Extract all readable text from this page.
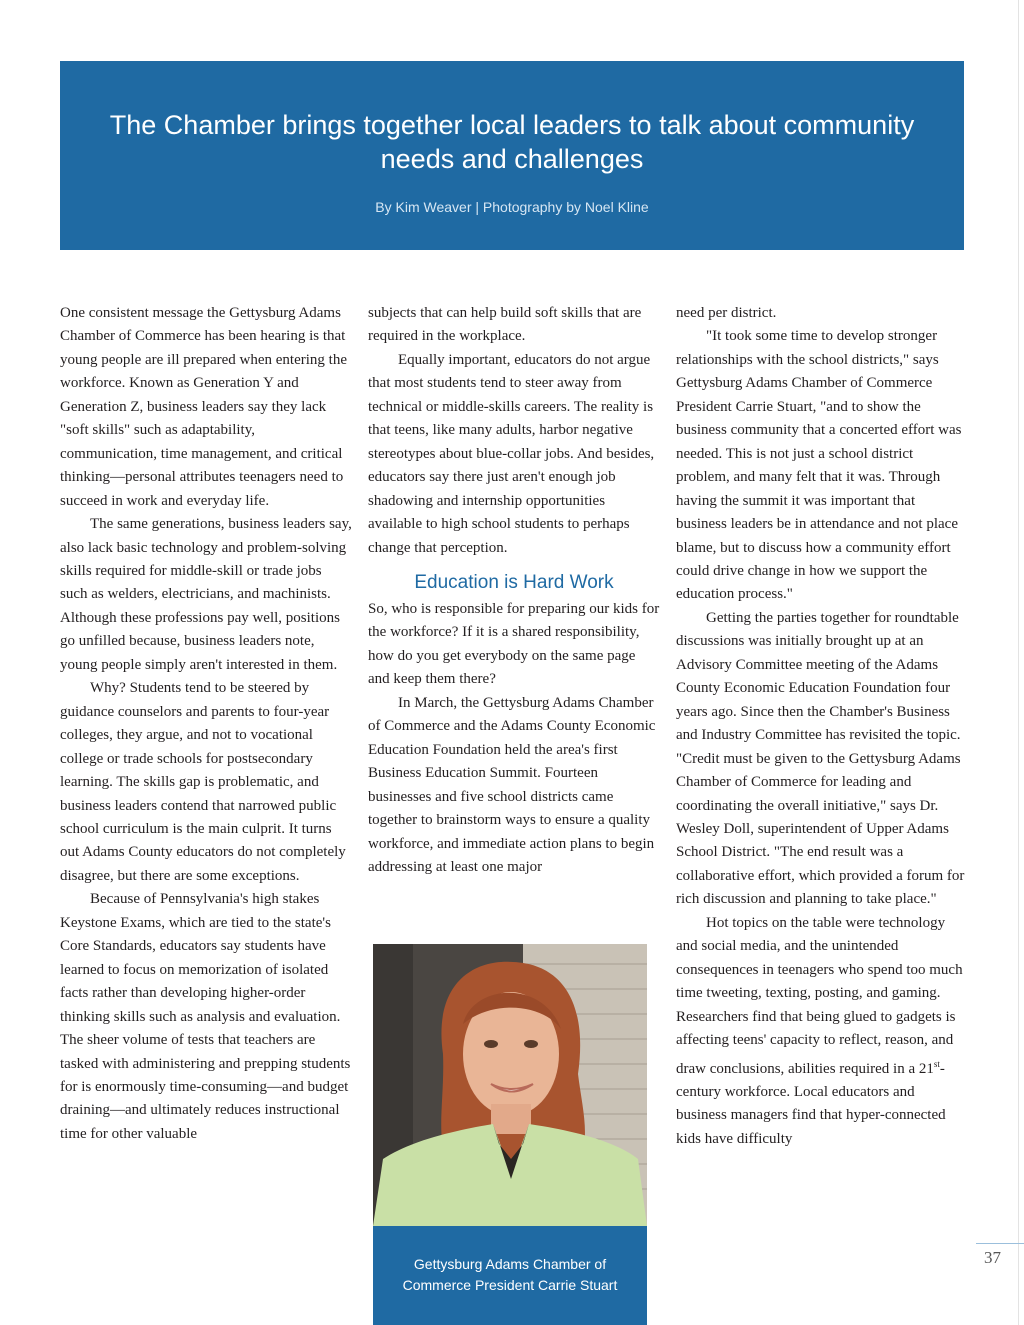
The Chamber brings together local leaders to talk about community needs and challenges
By Kim Weaver | Photography by Noel Kline

One consistent message the Gettysburg Adams Chamber of Commerce has been hearing is that young people are ill prepared when entering the workforce. Known as Generation Y and Generation Z, business leaders say they lack "soft skills" such as adaptability, communication, time management, and critical thinking—personal attributes teenagers need to succeed in work and everyday life.

The same generations, business leaders say, also lack basic technology and problem-solving skills required for middle-skill or trade jobs such as welders, electricians, and machinists. Although these professions pay well, positions go unfilled because, business leaders note, young people simply aren't interested in them.

Why? Students tend to be steered by guidance counselors and parents to four-year colleges, they argue, and not to vocational college or trade schools for postsecondary learning. The skills gap is problematic, and business leaders contend that narrowed public school curriculum is the main culprit. It turns out Adams County educators do not completely disagree, but there are some exceptions.

Because of Pennsylvania's high stakes Keystone Exams, which are tied to the state's Core Standards, educators say students have learned to focus on memorization of isolated facts rather than developing higher-order thinking skills such as analysis and evaluation. The sheer volume of tests that teachers are tasked with administering and prepping students for is enormously time-consuming—and budget draining—and ultimately reduces instructional time for other valuable

subjects that can help build soft skills that are required in the workplace.

Equally important, educators do not argue that most students tend to steer away from technical or middle-skills careers. The reality is that teens, like many adults, harbor negative stereotypes about blue-collar jobs. And besides, educators say there just aren't enough job shadowing and internship opportunities available to high school students to perhaps change that perception.

Education is Hard Work

So, who is responsible for preparing our kids for the workforce? If it is a shared responsibility, how do you get everybody on the same page and keep them there?

In March, the Gettysburg Adams Chamber of Commerce and the Adams County Economic Education Foundation held the area's first Business Education Summit. Fourteen businesses and five school districts came together to brainstorm ways to ensure a quality workforce, and immediate action plans to begin addressing at least one major

need per district.

"It took some time to develop stronger relationships with the school districts," says Gettysburg Adams Chamber of Commerce President Carrie Stuart, "and to show the business community that a concerted effort was needed. This is not just a school district problem, and many felt that it was. Through having the summit it was important that business leaders be in attendance and not place blame, but to discuss how a community effort could drive change in how we support the education process."

Getting the parties together for roundtable discussions was initially brought up at an Advisory Committee meeting of the Adams County Economic Education Foundation four years ago. Since then the Chamber's Business and Industry Committee has revisited the topic. "Credit must be given to the Gettysburg Adams Chamber of Commerce for leading and coordinating the overall initiative," says Dr. Wesley Doll, superintendent of Upper Adams School District. "The end result was a collaborative effort, which provided a forum for rich discussion and planning to take place."

Hot topics on the table were technology and social media, and the unintended consequences in teenagers who spend too much time tweeting, texting, posting, and gaming. Researchers find that being glued to gadgets is affecting teens' capacity to reflect, reason, and draw conclusions, abilities required in a 21st-century workforce. Local educators and business managers find that hyper-connected kids have difficulty

Gettysburg Adams Chamber of Commerce President Carrie Stuart
37
